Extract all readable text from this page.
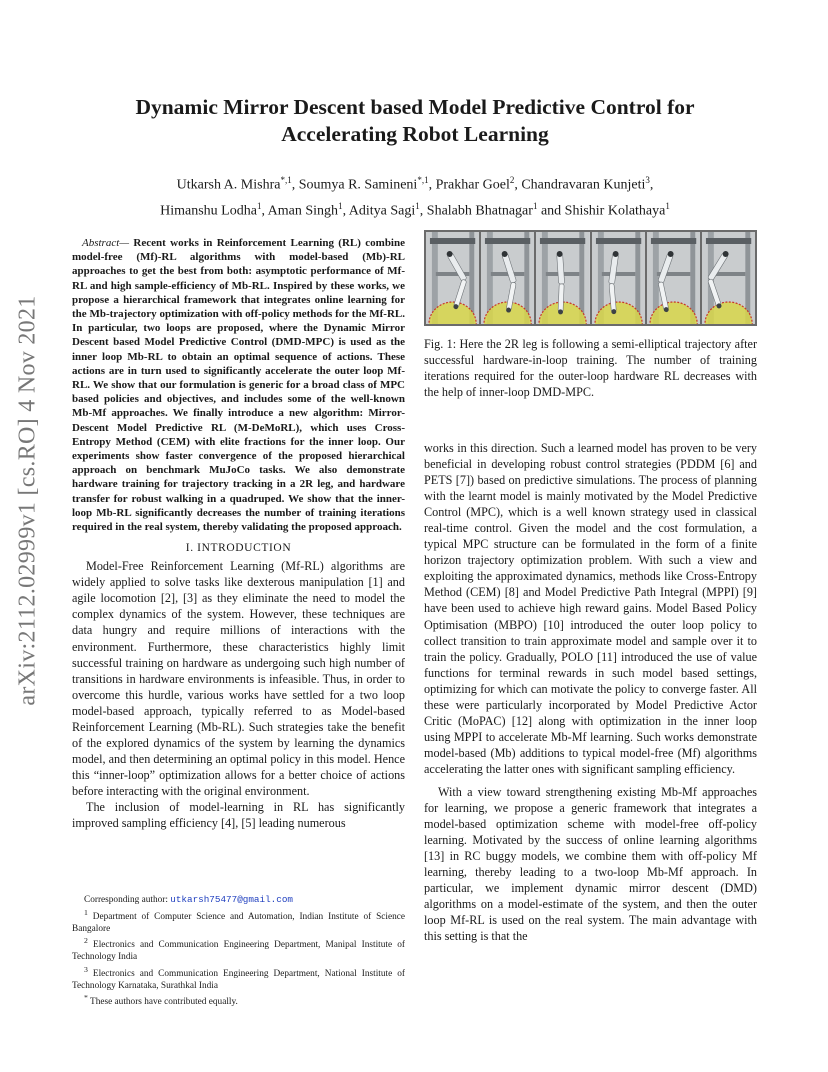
arXiv:2112.02999v1 [cs.RO] 4 Nov 2021
Dynamic Mirror Descent based Model Predictive Control for
Accelerating Robot Learning
Utkarsh A. Mishra$^{*,1}$, Soumya R. Samineni$^{*,1}$, Prakhar Goel$^2$, Chandravaran Kunjeti$^3$,
Himanshu Lodha$^1$, Aman Singh$^1$, Aditya Sagi$^1$, Shalabh Bhatnagar$^1$ and Shishir Kolathaya$^1$

Abstract— Recent works in Reinforcement Learning (RL) combine model-free (Mf)-RL algorithms with model-based (Mb)-RL approaches to get the best from both: asymptotic performance of Mf-RL and high sample-efficiency of Mb-RL. Inspired by these works, we propose a hierarchical framework that integrates online learning for the Mb-trajectory optimization with off-policy methods for the Mf-RL. In particular, two loops are proposed, where the Dynamic Mirror Descent based Model Predictive Control (DMD-MPC) is used as the inner loop Mb-RL to obtain an optimal sequence of actions. These actions are in turn used to significantly accelerate the outer loop Mf-RL. We show that our formulation is generic for a broad class of MPC based policies and objectives, and includes some of the well-known Mb-Mf approaches. We finally introduce a new algorithm: Mirror-Descent Model Predictive RL (M-DeMoRL), which uses Cross-Entropy Method (CEM) with elite fractions for the inner loop. Our experiments show faster convergence of the proposed hierarchical approach on benchmark MuJoCo tasks. We also demonstrate hardware training for trajectory tracking in a 2R leg, and hardware transfer for robust walking in a quadruped. We show that the inner-loop Mb-RL significantly decreases the number of training iterations required in the real system, thereby validating the proposed approach.

I. INTRODUCTION

Model-Free Reinforcement Learning (Mf-RL) algorithms are widely applied to solve tasks like dexterous manipulation [1] and agile locomotion [2], [3] as they eliminate the need to model the complex dynamics of the system. However, these techniques are data hungry and require millions of interactions with the environment. Furthermore, these characteristics highly limit successful training on hardware as undergoing such high number of transitions in hardware environments is infeasible. Thus, in order to overcome this hurdle, various works have settled for a two loop model-based approach, typically referred to as Model-based Reinforcement Learning (Mb-RL). Such strategies take the benefit of the explored dynamics of the system by learning the dynamics model, and then determining an optimal policy in this model. Hence this “inner-loop” optimization allows for a better choice of actions before interacting with the original environment.

The inclusion of model-learning in RL has significantly improved sampling efficiency [4], [5] leading numerous

Corresponding author: utkarsh75477@gmail.com

$^1$ Department of Computer Science and Automation, Indian Institute of Science Bangalore

$^2$ Electronics and Communication Engineering Department, Manipal Institute of Technology India

$^3$ Electronics and Communication Engineering Department, National Institute of Technology Karnataka, Surathkal India

* These authors have contributed equally.

Fig. 1: Here the 2R leg is following a semi-elliptical trajectory after successful hardware-in-loop training. The number of training iterations required for the outer-loop hardware RL decreases with the help of inner-loop DMD-MPC.

works in this direction. Such a learned model has proven to be very beneficial in developing robust control strategies (PDDM [6] and PETS [7]) based on predictive simulations. The process of planning with the learnt model is mainly motivated by the Model Predictive Control (MPC), which is a well known strategy used in classical real-time control. Given the model and the cost formulation, a typical MPC structure can be formulated in the form of a finite horizon trajectory optimization problem. With such a view and exploiting the approximated dynamics, methods like Cross-Entropy Method (CEM) [8] and Model Predictive Path Integral (MPPI) [9] have been used to achieve high reward gains. Model Based Policy Optimisation (MBPO) [10] introduced the outer loop policy to collect transition to train approximate model and sample over it to train the policy. Gradually, POLO [11] introduced the use of value functions for terminal rewards in such model based settings, optimizing for which can motivate the policy to converge faster. All these were particularly incorporated by Model Predictive Actor Critic (MoPAC) [12] along with optimization in the inner loop using MPPI to accelerate Mb-Mf learning. Such works demonstrate model-based (Mb) additions to typical model-free (Mf) algorithms accelerating the latter ones with significant sampling efficiency.

With a view toward strengthening existing Mb-Mf approaches for learning, we propose a generic framework that integrates a model-based optimization scheme with model-free off-policy learning. Motivated by the success of online learning algorithms [13] in RC buggy models, we combine them with off-policy Mf learning, thereby leading to a two-loop Mb-Mf approach. In particular, we implement dynamic mirror descent (DMD) algorithms on a model-estimate of the system, and then the outer loop Mf-RL is used on the real system. The main advantage with this setting is that the
